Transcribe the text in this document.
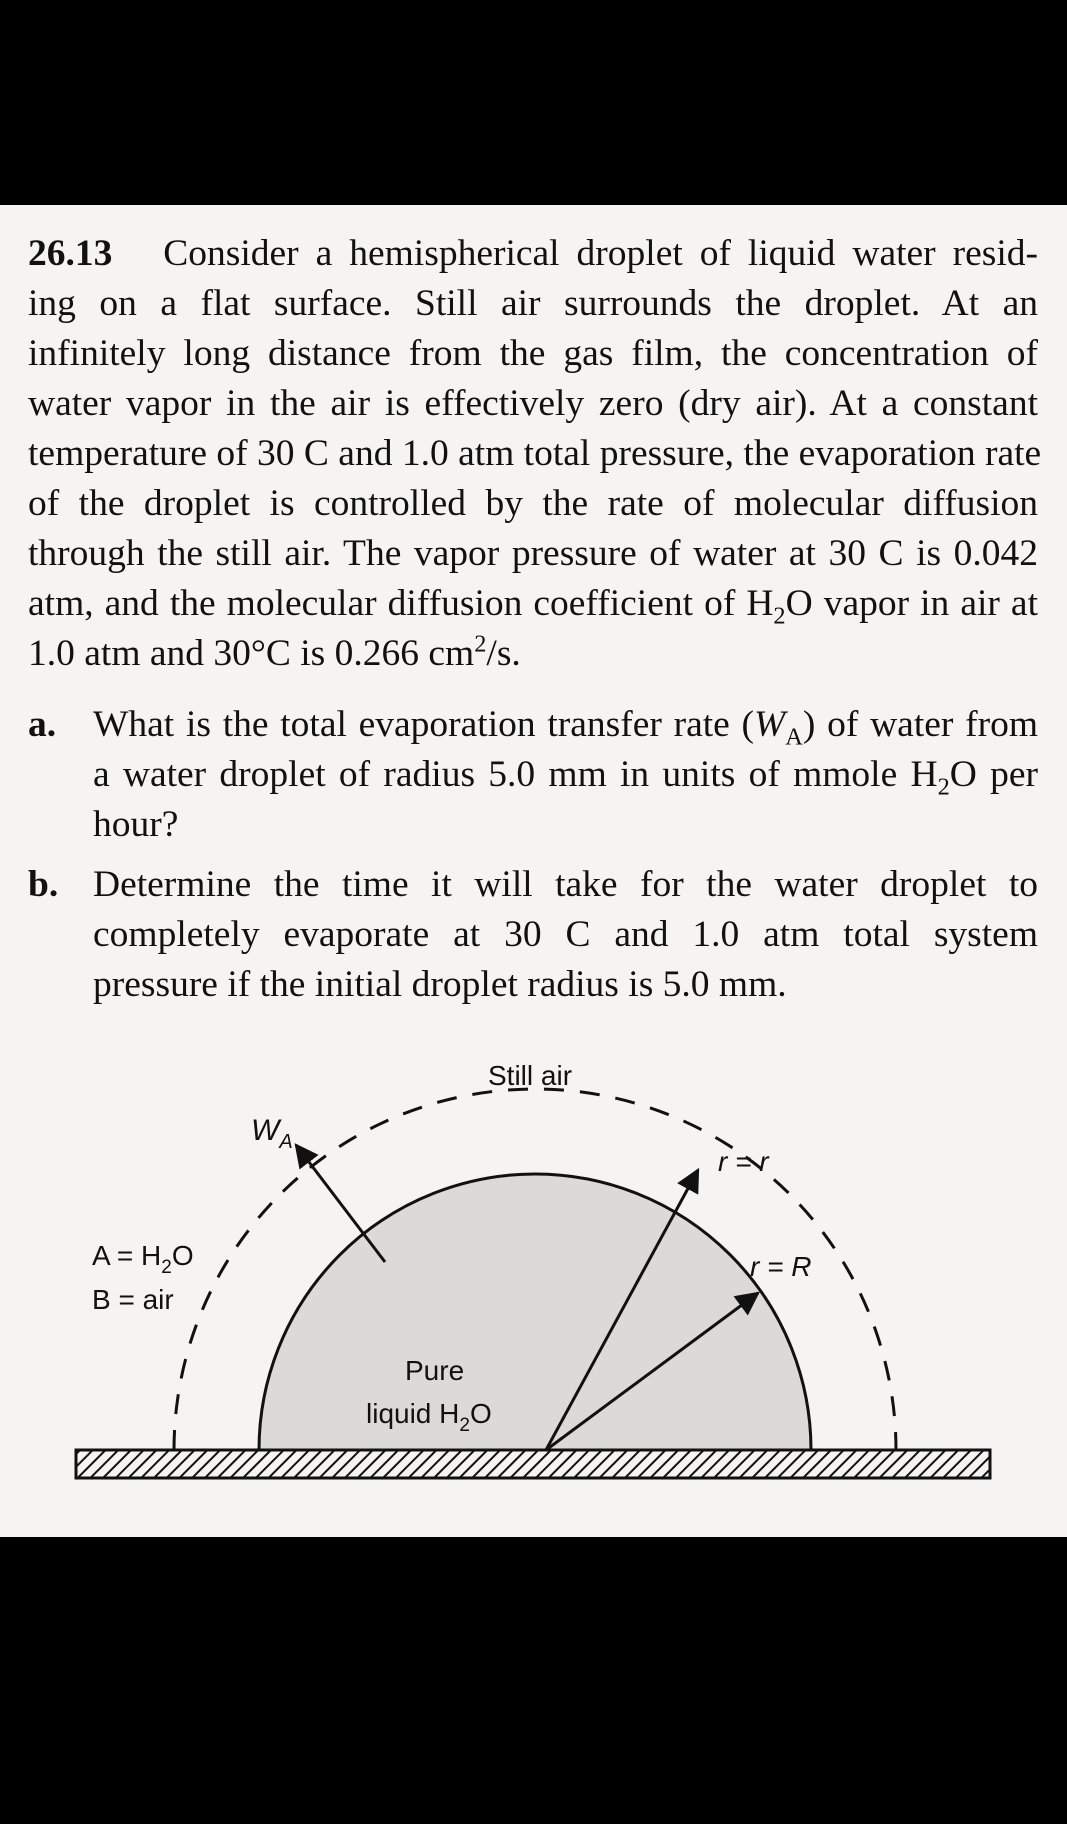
26.13 Consider a hemispherical droplet of liquid water resid-
ing on a flat surface. Still air surrounds the droplet. At an
infinitely long distance from the gas film, the concentration of
water vapor in the air is effectively zero (dry air). At a constant
temperature of 30 C and 1.0 atm total pressure, the evaporation rate
of the droplet is controlled by the rate of molecular diffusion
through the still air. The vapor pressure of water at 30 C is 0.042
atm, and the molecular diffusion coefficient of $H_2O$ vapor in air at
1.0 atm and 30°C is 0.266 $cm^2/s$.
a. What is the total evaporation transfer rate $(W_A)$ of water from
a water droplet of radius 5.0 mm in units of mmole $H_2O$ per
hour?
b. Determine the time it will take for the water droplet to
completely evaporate at 30 C and 1.0 atm total system
pressure if the initial droplet radius is 5.0 mm.
Still air
$W_A$
r = r
r = R
$A = H_2O$
B = air
Pure
liquid $H_2O$
